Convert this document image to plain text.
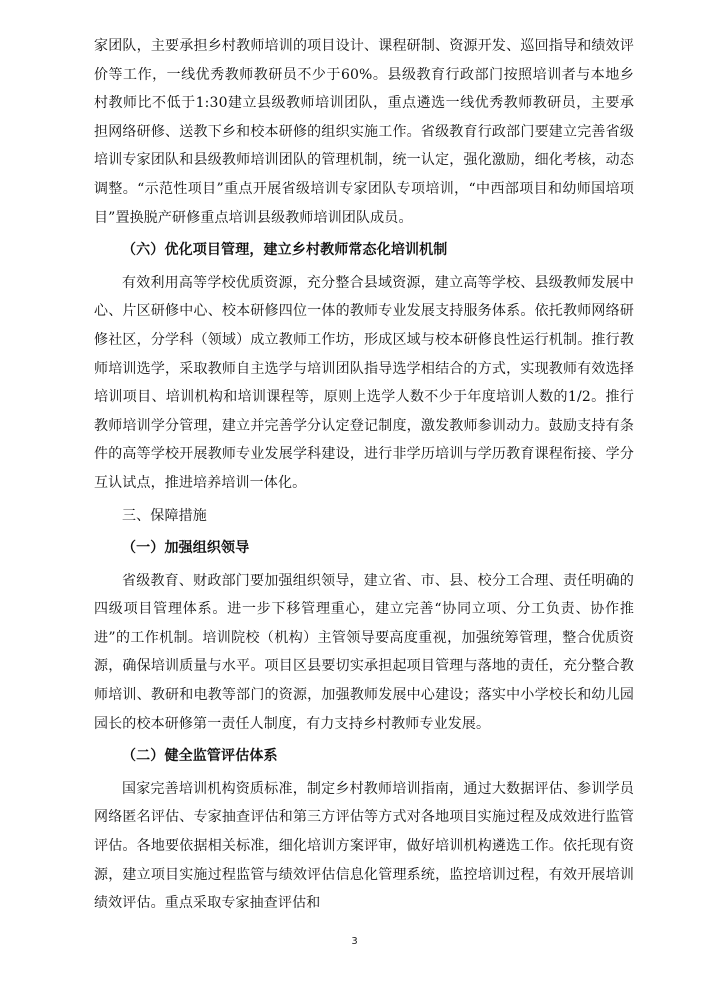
家团队，主要承担乡村教师培训的项目设计、课程研制、资源开发、巡回指导和绩效评价等工作，一线优秀教师教研员不少于60%。县级教育行政部门按照培训者与本地乡村教师比不低于1:30建立县级教师培训团队，重点遴选一线优秀教师教研员，主要承担网络研修、送教下乡和校本研修的组织实施工作。省级教育行政部门要建立完善省级培训专家团队和县级教师培训团队的管理机制，统一认定，强化激励，细化考核，动态调整。“示范性项目”重点开展省级培训专家团队专项培训，“中西部项目和幼师国培项目”置换脱产研修重点培训县级教师培训团队成员。

（六）优化项目管理，建立乡村教师常态化培训机制

有效利用高等学校优质资源，充分整合县域资源，建立高等学校、县级教师发展中心、片区研修中心、校本研修四位一体的教师专业发展支持服务体系。依托教师网络研修社区，分学科（领域）成立教师工作坊，形成区域与校本研修良性运行机制。推行教师培训选学，采取教师自主选学与培训团队指导选学相结合的方式，实现教师有效选择培训项目、培训机构和培训课程等，原则上选学人数不少于年度培训人数的1/2。推行教师培训学分管理，建立并完善学分认定登记制度，激发教师参训动力。鼓励支持有条件的高等学校开展教师专业发展学科建设，进行非学历培训与学历教育课程衔接、学分互认试点，推进培养培训一体化。

三、保障措施

（一）加强组织领导

省级教育、财政部门要加强组织领导，建立省、市、县、校分工合理、责任明确的四级项目管理体系。进一步下移管理重心，建立完善“协同立项、分工负责、协作推进”的工作机制。培训院校（机构）主管领导要高度重视，加强统筹管理，整合优质资源，确保培训质量与水平。项目区县要切实承担起项目管理与落地的责任，充分整合教师培训、教研和电教等部门的资源，加强教师发展中心建设；落实中小学校长和幼儿园园长的校本研修第一责任人制度，有力支持乡村教师专业发展。

（二）健全监管评估体系

国家完善培训机构资质标准，制定乡村教师培训指南，通过大数据评估、参训学员网络匿名评估、专家抽查评估和第三方评估等方式对各地项目实施过程及成效进行监管评估。各地要依据相关标准，细化培训方案评审，做好培训机构遴选工作。依托现有资源，建立项目实施过程监管与绩效评估信息化管理系统，监控培训过程，有效开展培训绩效评估。重点采取专家抽查评估和

3
